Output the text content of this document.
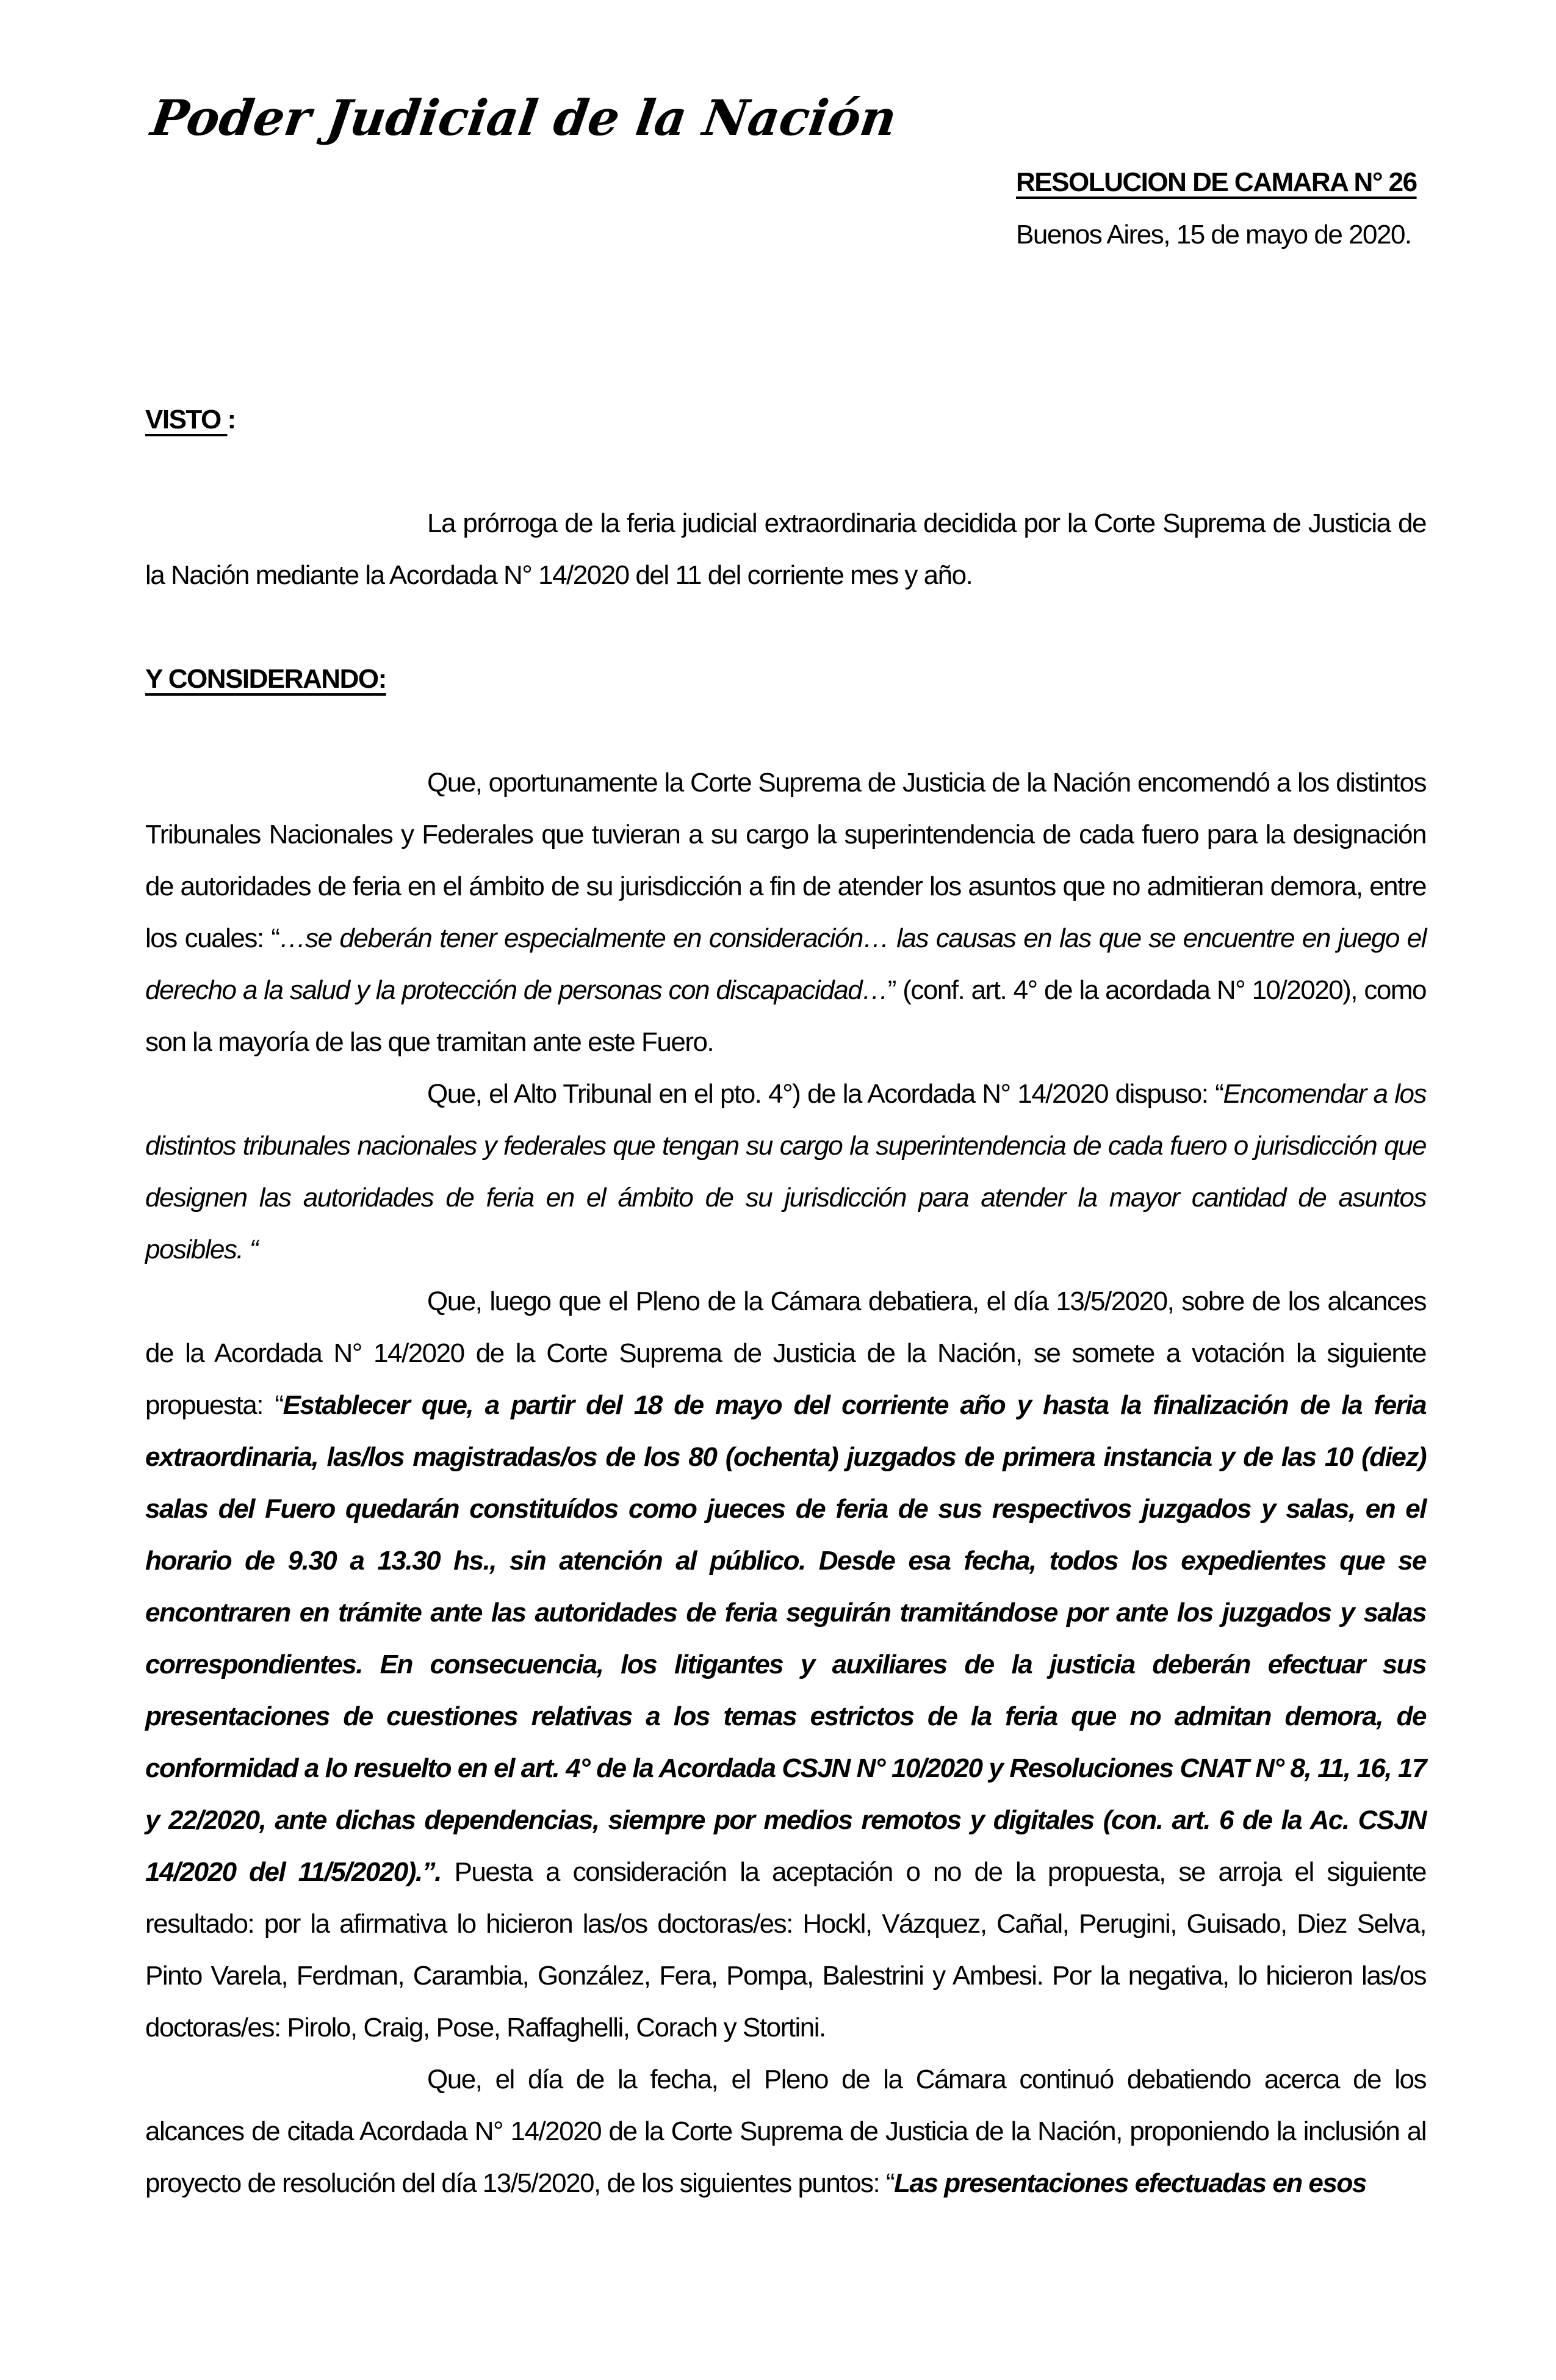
Poder Judicial de la Nación
RESOLUCION DE CAMARA N° 26
Buenos Aires, 15 de mayo de 2020.

VISTO :

La prórroga de la feria judicial extraordinaria decidida por la Corte Suprema de Justicia de la Nación mediante la Acordada N° 14/2020 del 11 del corriente mes y año.

Y CONSIDERANDO:

Que, oportunamente la Corte Suprema de Justicia de la Nación encomendó a los distintos Tribunales Nacionales y Federales que tuvieran a su cargo la superintendencia de cada fuero para la designación de autoridades de feria en el ámbito de su jurisdicción a fin de atender los asuntos que no admitieran demora, entre los cuales: “…se deberán tener especialmente en consideración… las causas en las que se encuentre en juego el derecho a la salud y la protección de personas con discapacidad…” (conf. art. 4° de la acordada N° 10/2020), como son la mayoría de las que tramitan ante este Fuero.

Que, el Alto Tribunal en el pto. 4°) de la Acordada N° 14/2020 dispuso: “Encomendar a los distintos tribunales nacionales y federales que tengan su cargo la superintendencia de cada fuero o jurisdicción que designen las autoridades de feria en el ámbito de su jurisdicción para atender la mayor cantidad de asuntos posibles. “

Que, luego que el Pleno de la Cámara debatiera, el día 13/5/2020, sobre de los alcances de la Acordada N° 14/2020 de la Corte Suprema de Justicia de la Nación, se somete a votación la siguiente propuesta: “Establecer que, a partir del 18 de mayo del corriente año y hasta la finalización de la feria extraordinaria, las/los magistradas/os de los 80 (ochenta) juzgados de primera instancia y de las 10 (diez) salas del Fuero quedarán constituídos como jueces de feria de sus respectivos juzgados y salas, en el horario de 9.30 a 13.30 hs., sin atención al público. Desde esa fecha, todos los expedientes que se encontraren en trámite ante las autoridades de feria seguirán tramitándose por ante los juzgados y salas correspondientes. En consecuencia, los litigantes y auxiliares de la justicia deberán efectuar sus presentaciones de cuestiones relativas a los temas estrictos de la feria que no admitan demora, de conformidad a lo resuelto en el art. 4° de la Acordada CSJN N° 10/2020 y Resoluciones CNAT N° 8, 11, 16, 17 y 22/2020, ante dichas dependencias, siempre por medios remotos y digitales (con. art. 6 de la Ac. CSJN 14/2020 del 11/5/2020).”. Puesta a consideración la aceptación o no de la propuesta, se arroja el siguiente resultado: por la afirmativa lo hicieron las/os doctoras/es: Hockl, Vázquez, Cañal, Perugini, Guisado, Diez Selva, Pinto Varela, Ferdman, Carambia, González, Fera, Pompa, Balestrini y Ambesi. Por la negativa, lo hicieron las/os doctoras/es: Pirolo, Craig, Pose, Raffaghelli, Corach y Stortini.

Que, el día de la fecha, el Pleno de la Cámara continuó debatiendo acerca de los alcances de citada Acordada N° 14/2020 de la Corte Suprema de Justicia de la Nación, proponiendo la inclusión al proyecto de resolución del día 13/5/2020, de los siguientes puntos: “Las presentaciones efectuadas en esos
